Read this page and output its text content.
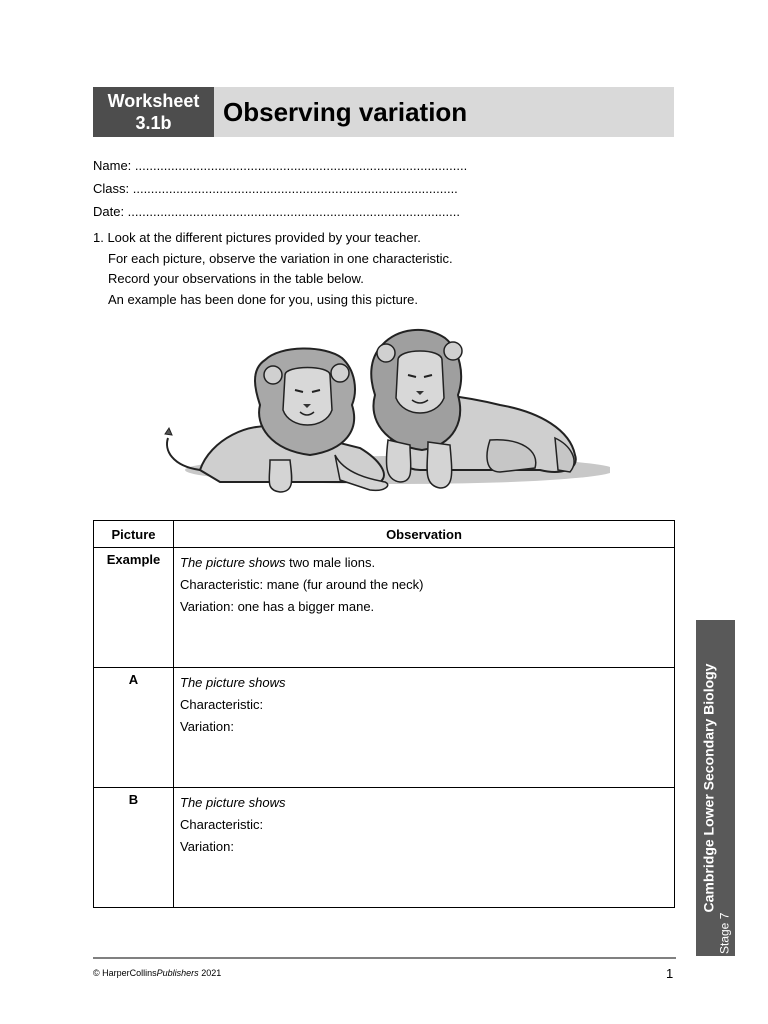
Worksheet
3.1b	Observing variation
Name: ............................................................................................
Class: ..........................................................................................
Date: ............................................................................................
1. Look at the different pictures provided by your teacher.
For each picture, observe the variation in one characteristic.
Record your observations in the table below.
An example has been done for you, using this picture.
Picture	Observation
Example	The picture shows two male lions.
Characteristic: mane (fur around the neck)
Variation: one has a bigger mane.

A	The picture shows
Characteristic:
Variation:

B	The picture shows
Characteristic:
Variation:	Cambridge Lower Secondary Biology
Stage 7
© HarperCollinsPublishers 2021	1
